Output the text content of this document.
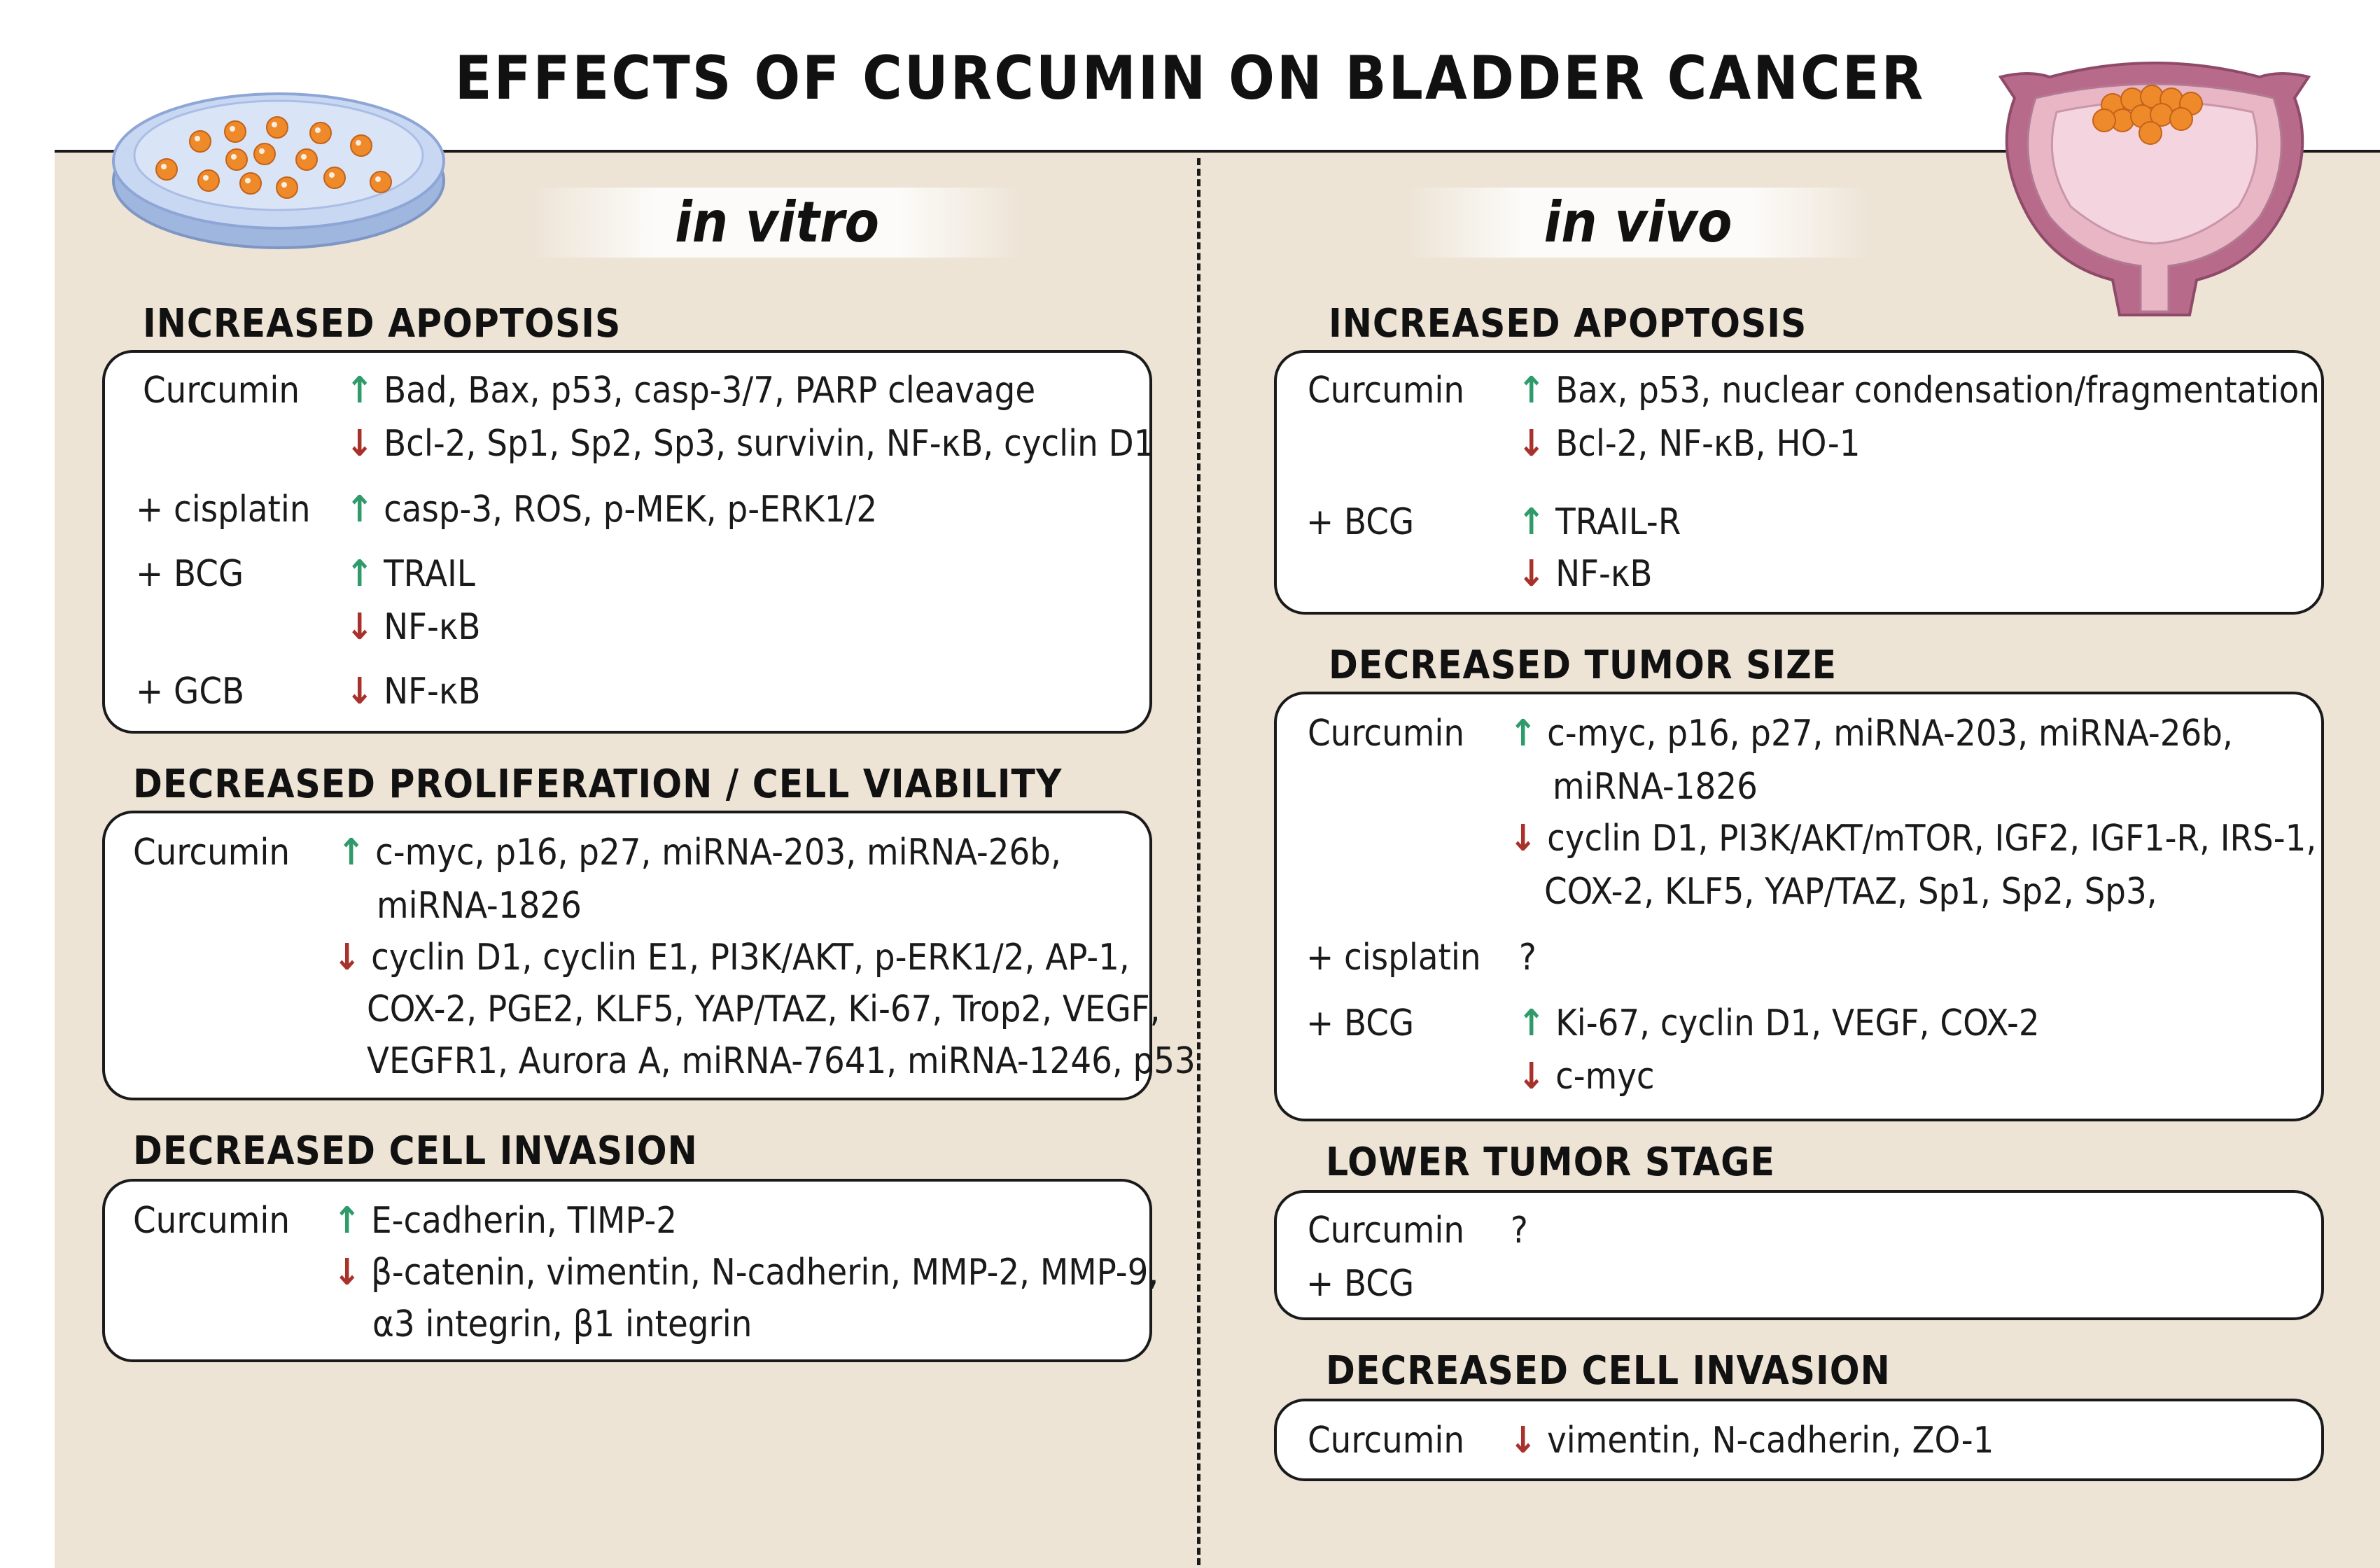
EFFECTS OF CURCUMIN ON BLADDER CANCER
in vitro	in vivo
INCREASED APOPTOSIS
Curcumin ↑ Bad, Bax, p53, casp-3/7, PARP cleavage
↓ Bcl-2, Sp1, Sp2, Sp3, survivin, NF-κB, cyclin D1
+ cisplatin ↑ casp-3, ROS, p-MEK, p-ERK1/2
+ BCG	↑ TRAIL
↓ NF-κB
+ GCB	↓ NF-κB
DECREASED PROLIFERATION / CELL VIABILITY
Curcumin ↑ c-myc, p16, p27, miRNA-203, miRNA-26b,
miRNA-1826
↓ cyclin D1, cyclin E1, PI3K/AKT, p-ERK1/2, AP-1,
COX-2, PGE2, KLF5, YAP/TAZ, Ki-67, Trop2, VEGF,
VEGFR1, Aurora A, miRNA-7641, miRNA-1246, p53
DECREASED CELL INVASION
Curcumin ↑ E-cadherin, TIMP-2
↓ β-catenin, vimentin, N-cadherin, MMP-2, MMP-9,
α3 integrin, β1 integrin
INCREASED APOPTOSIS
Curcumin ↑ Bax, p53, nuclear condensation/fragmentation
↓ Bcl-2, NF-κB, HO-1
+ BCG	↑ TRAIL-R
↓ NF-κB
DECREASED TUMOR SIZE
Curcumin ↑ c-myc, p16, p27, miRNA-203, miRNA-26b,
miRNA-1826
↓ cyclin D1, PI3K/AKT/mTOR, IGF2, IGF1-R, IRS-1,
COX-2, KLF5, YAP/TAZ, Sp1, Sp2, Sp3,
+ cisplatin ?
+ BCG	↑ Ki-67, cyclin D1, VEGF, COX-2
↓ c-myc
LOWER TUMOR STAGE
Curcumin ?
+ BCG
DECREASED CELL INVASION
Curcumin ↓ vimentin, N-cadherin, ZO-1
